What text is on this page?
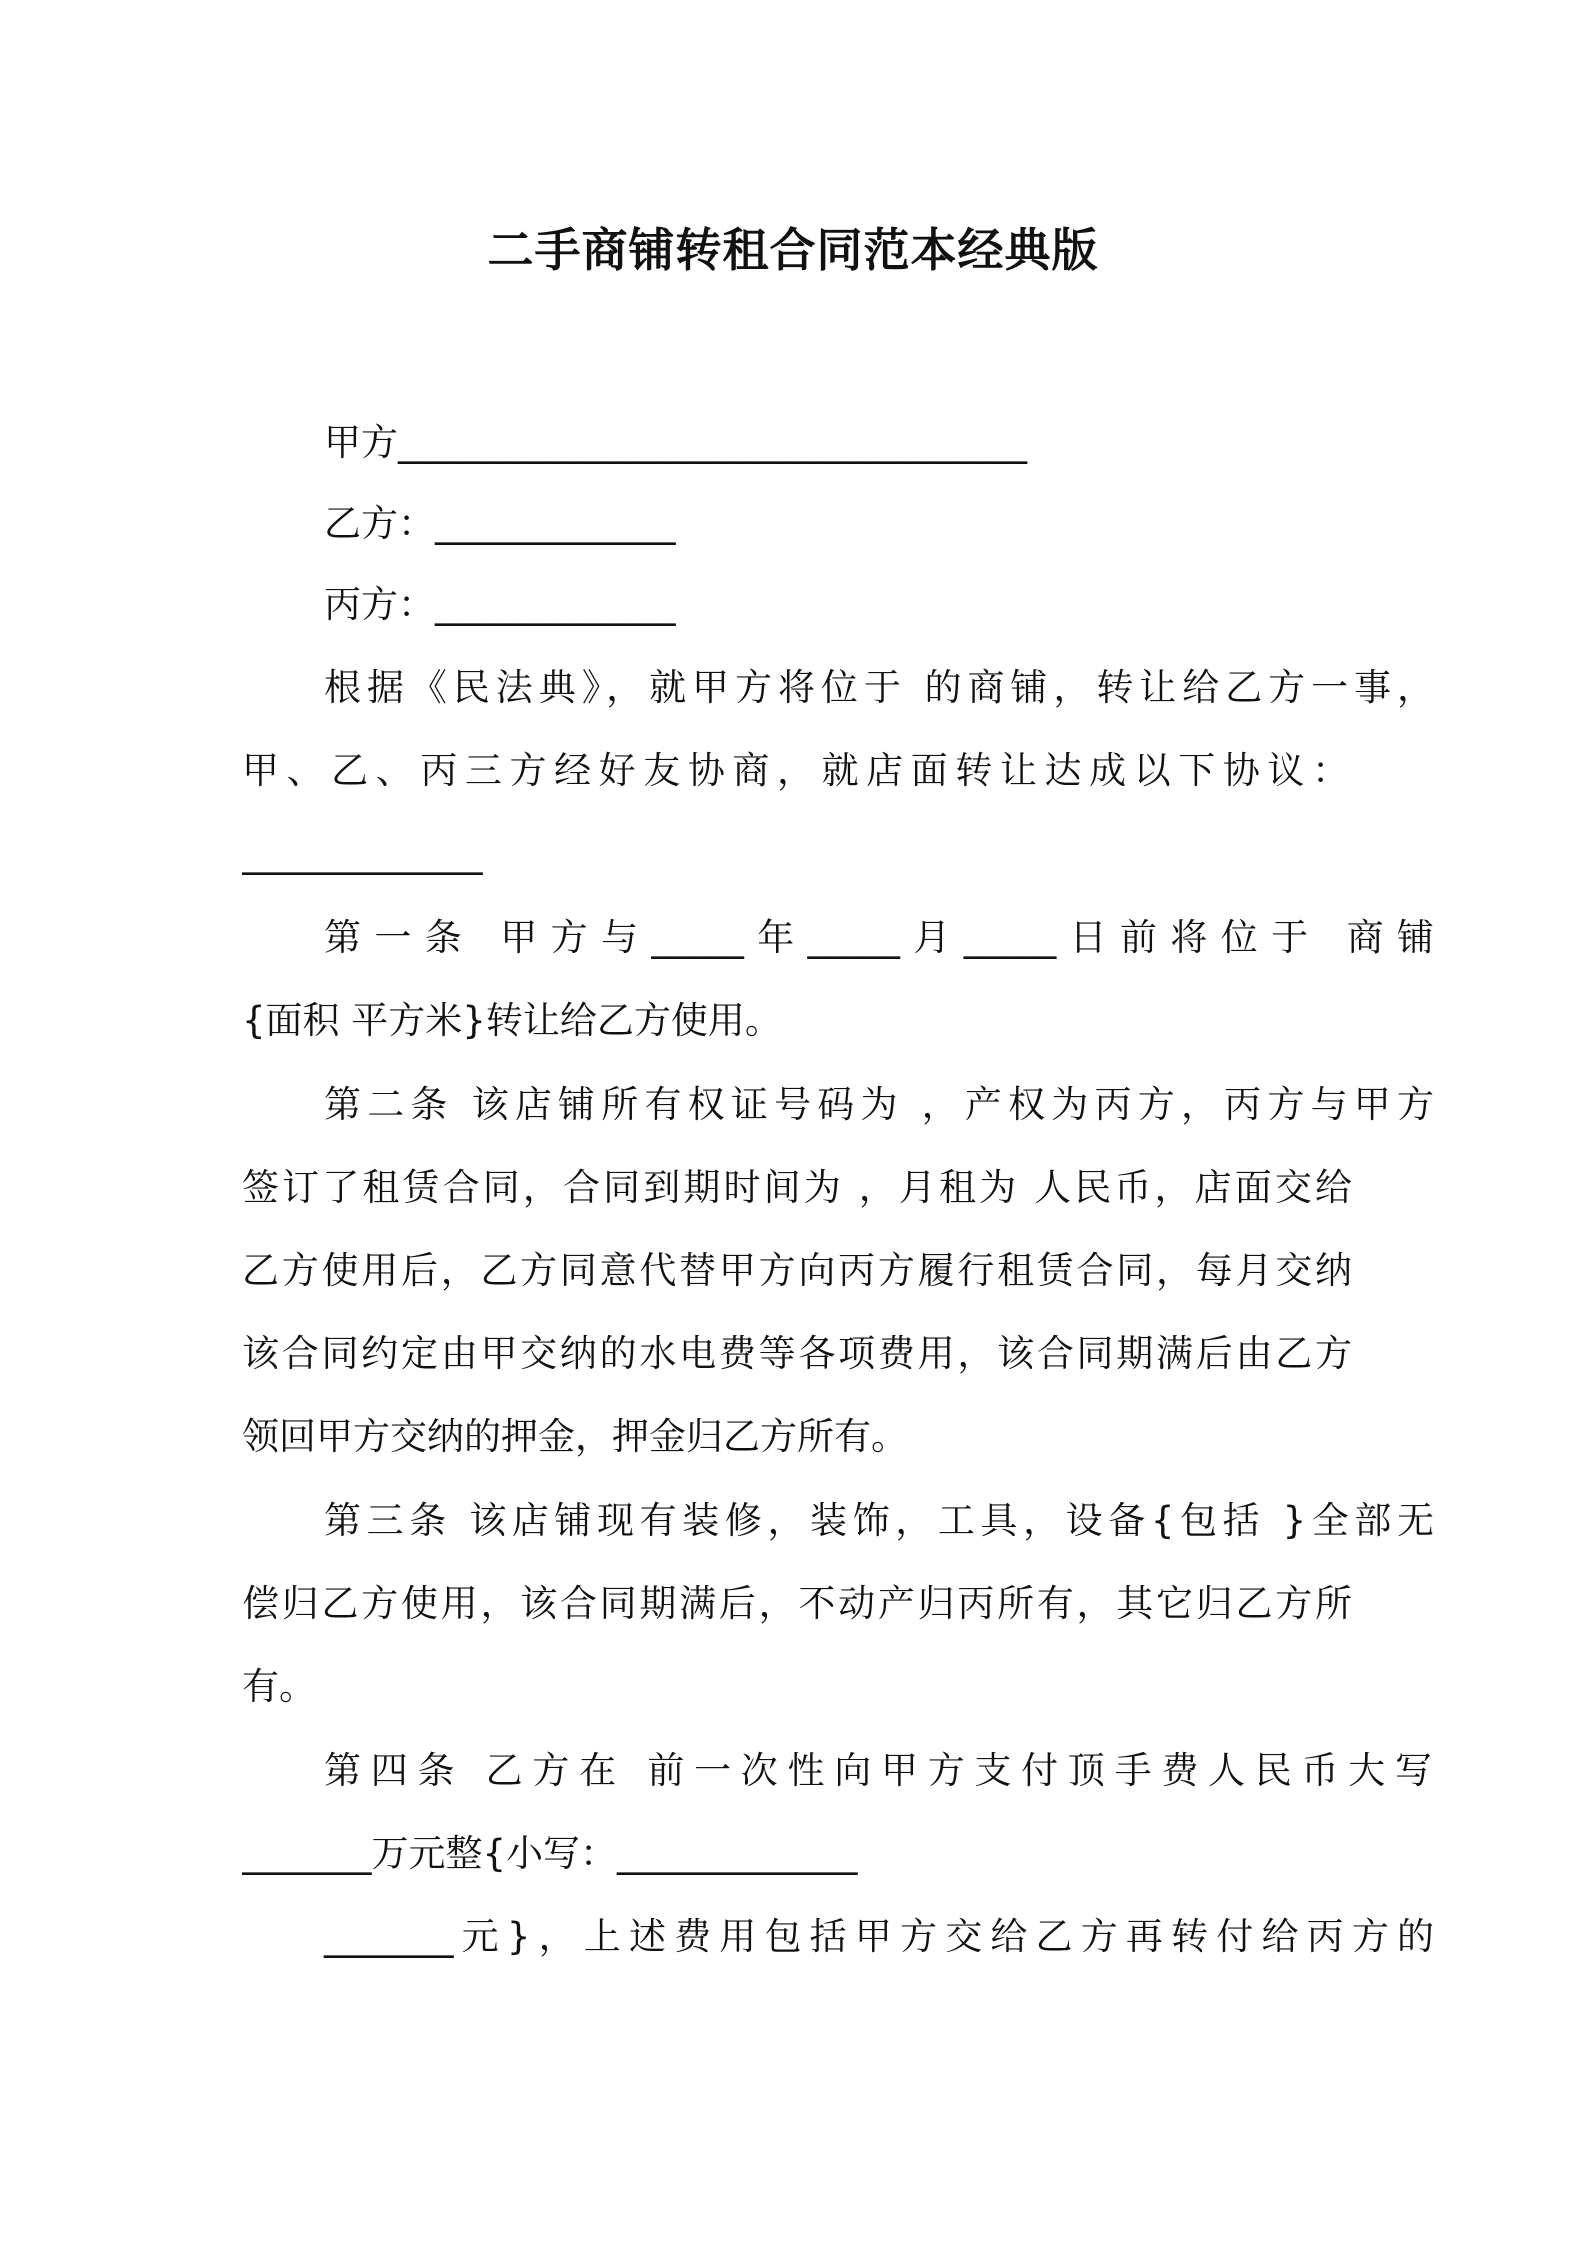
二手商铺转租合同范本经典版
甲方__________________________________
乙方：_____________
丙方：_____________
根据《民法典》，就甲方将位于 的商铺，转让给乙方一事，
甲、乙、丙三方经好友协商，就店面转让达成以下协议：
_____________
第一条 甲方与_____年_____月_____日前将位于 商铺
{面积 平方米}转让给乙方使用。
第二条 该店铺所有权证号码为 ，产权为丙方，丙方与甲方
签订了租赁合同，合同到期时间为 ，月租为 人民币，店面交给
乙方使用后，乙方同意代替甲方向丙方履行租赁合同，每月交纳
该合同约定由甲交纳的水电费等各项费用，该合同期满后由乙方
领回甲方交纳的押金，押金归乙方所有。
第三条 该店铺现有装修，装饰，工具，设备{包括 }全部无
偿归乙方使用，该合同期满后，不动产归丙所有，其它归乙方所
有。
第四条 乙方在 前一次性向甲方支付顶手费人民币大写
_______万元整{小写：_____________
_______元}，上述费用包括甲方交给乙方再转付给丙方的
